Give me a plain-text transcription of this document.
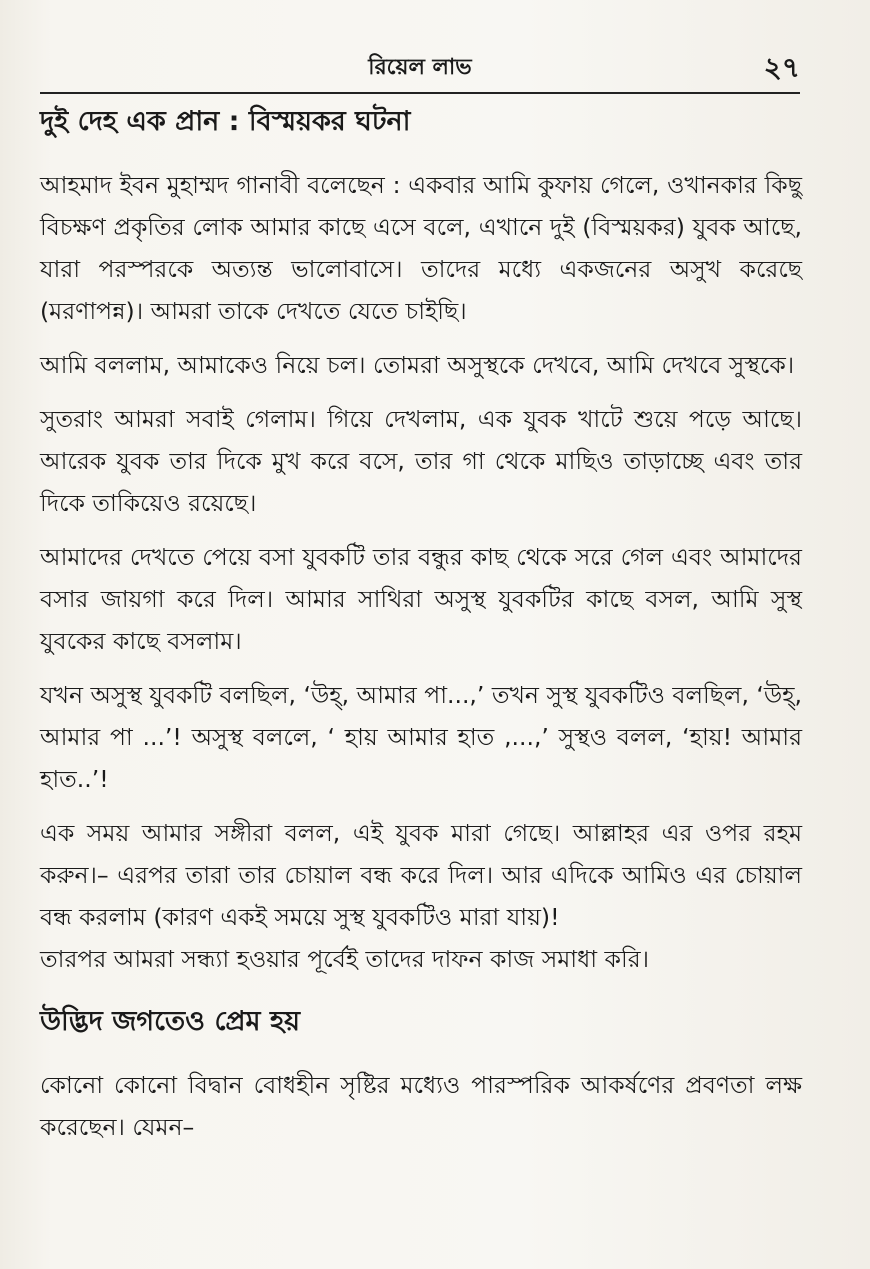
রিয়েল লাভ	২৭
দুই দেহ এক প্রান : বিস্ময়কর ঘটনা

আহমাদ ইবন মুহাম্মদ গানাবী বলেছেন : একবার আমি কুফায় গেলে, ওখানকার কিছু বিচক্ষণ প্রকৃতির লোক আমার কাছে এসে বলে, এখানে দুই (বিস্ময়কর) যুবক আছে, যারা পরস্পরকে অত্যন্ত ভালোবাসে। তাদের মধ্যে একজনের অসুখ করেছে (মরণাপন্ন)। আমরা তাকে দেখতে যেতে চাইছি।

আমি বললাম, আমাকেও নিয়ে চল। তোমরা অসুস্থকে দেখবে, আমি দেখবে সুস্থকে।

সুতরাং আমরা সবাই গেলাম। গিয়ে দেখলাম, এক যুবক খাটে শুয়ে পড়ে আছে। আরেক যুবক তার দিকে মুখ করে বসে, তার গা থেকে মাছিও তাড়াচ্ছে এবং তার দিকে তাকিয়েও রয়েছে।

আমাদের দেখতে পেয়ে বসা যুবকটি তার বন্ধুর কাছ থেকে সরে গেল এবং আমাদের বসার জায়গা করে দিল। আমার সাথিরা অসুস্থ যুবকটির কাছে বসল, আমি সুস্থ যুবকের কাছে বসলাম।

যখন অসুস্থ যুবকটি বলছিল, ‘উহ্, আমার পা...,’ তখন সুস্থ যুবকটিও বলছিল, ‘উহ্, আমার পা ...’! অসুস্থ বললে, ‘ হায় আমার হাত ,...,’ সুস্থও বলল, ‘হায়! আমার হাত..’!

এক সময় আমার সঙ্গীরা বলল, এই যুবক মারা গেছে। আল্লাহর এর ওপর রহম করুন।– এরপর তারা তার চোয়াল বন্ধ করে দিল। আর এদিকে আমিও এর চোয়াল বন্ধ করলাম (কারণ একই সময়ে সুস্থ যুবকটিও মারা যায়)!

তারপর আমরা সন্ধ্যা হওয়ার পূর্বেই তাদের দাফন কাজ সমাধা করি।

উদ্ভিদ জগতেও প্রেম হয়

কোনো কোনো বিদ্বান বোধহীন সৃষ্টির মধ্যেও পারস্পরিক আকর্ষণের প্রবণতা লক্ষ করেছেন। যেমন–
